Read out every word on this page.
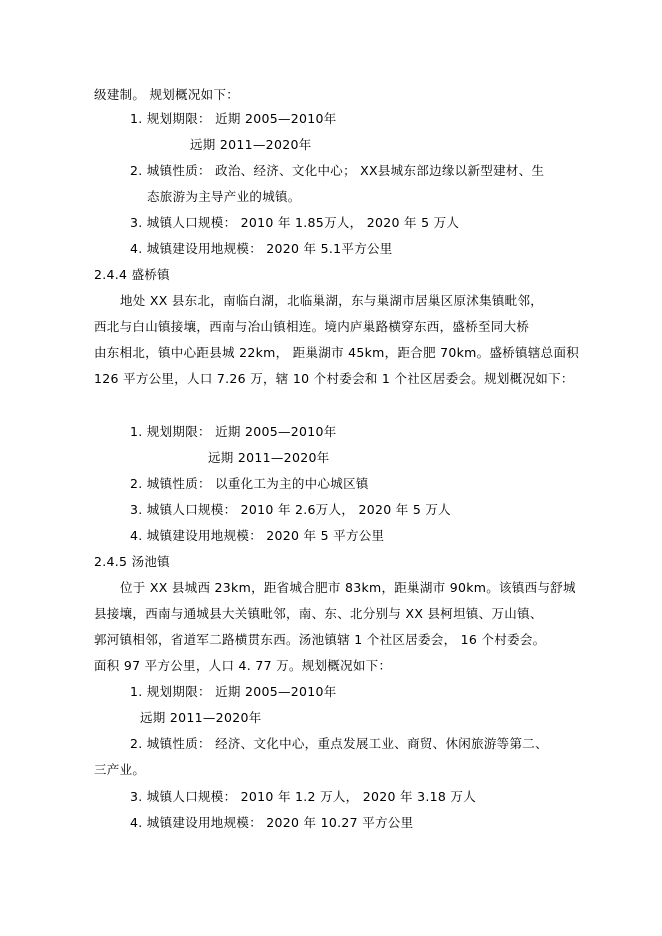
级建制。 规划概况如下：
1. 规划期限： 近期 2005—2010年
远期 2011—2020年
2. 城镇性质： 政治、经济、文化中心； XX县城东部边缘以新型建材、生
态旅游为主导产业的城镇。
3. 城镇人口规模： 2010 年 1.85万人， 2020 年 5 万人
4. 城镇建设用地规模： 2020 年 5.1平方公里
2.4.4 盛桥镇
地处 XX 县东北，南临白湖，北临巢湖，东与巢湖市居巢区原沭集镇毗邻，
西北与白山镇接壤，西南与冶山镇相连。境内庐巢路横穿东西，盛桥至同大桥
由东相北，镇中心距县城 22km， 距巢湖市 45km，距合肥 70km。盛桥镇辖总面积
126 平方公里，人口 7.26 万，辖 10 个村委会和 1 个社区居委会。规划概况如下：
1. 规划期限： 近期 2005—2010年
远期 2011—2020年
2. 城镇性质： 以重化工为主的中心城区镇
3. 城镇人口规模： 2010 年 2.6万人， 2020 年 5 万人
4. 城镇建设用地规模： 2020 年 5 平方公里
2.4.5 汤池镇
位于 XX 县城西 23km，距省城合肥市 83km，距巢湖市 90km。该镇西与舒城
县接壤，西南与通城县大关镇毗邻，南、东、北分别与 XX 县柯坦镇、万山镇、
郭河镇相邻，省道军二路横贯东西。汤池镇辖 1 个社区居委会， 16 个村委会。
面积 97 平方公里，人口 4. 77 万。规划概况如下：
1. 规划期限： 近期 2005—2010年
远期 2011—2020年
2. 城镇性质： 经济、文化中心，重点发展工业、商贸、休闲旅游等第二、
三产业。
3. 城镇人口规模： 2010 年 1.2 万人， 2020 年 3.18 万人
4. 城镇建设用地规模： 2020 年 10.27 平方公里
